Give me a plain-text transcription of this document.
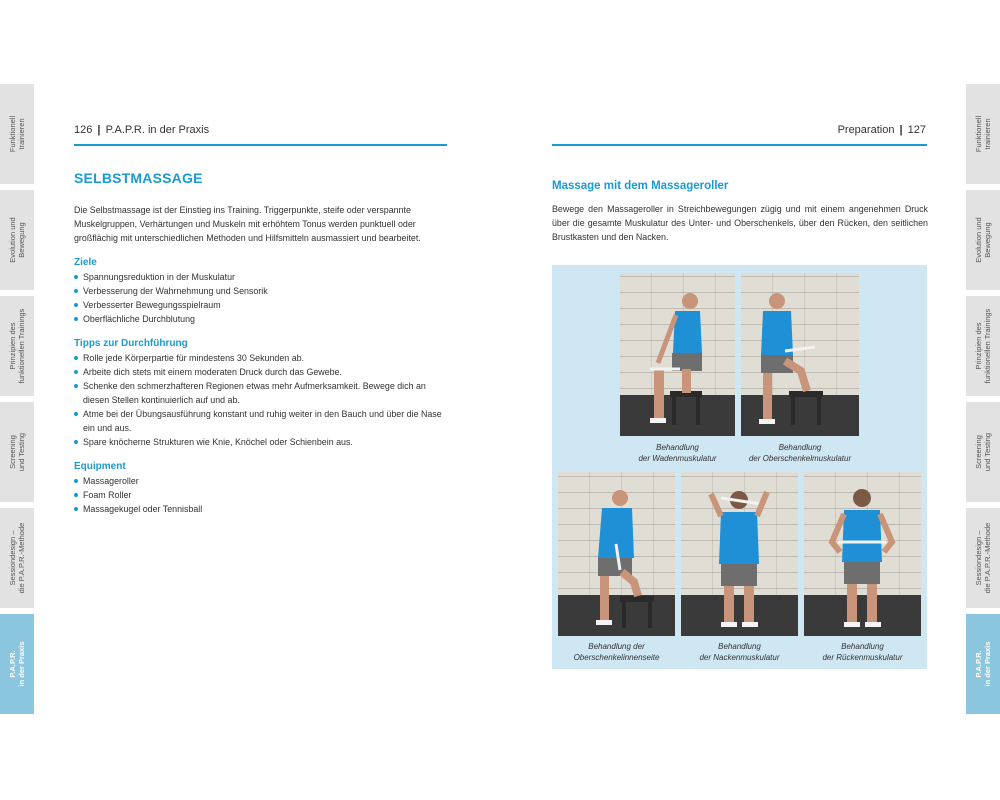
Funktionell
trainieren
Evolution und
Bewegung
Prinzipien des
funktionellen Trainings
Screening
und Testing
Sessiondesign –
die P.A.P.R.-Methode
P.A.P.R.
in der Praxis
Funktionell
trainieren
Evolution und
Bewegung
Prinzipien des
funktionellen Trainings
Screening
und Testing
Sessiondesign –
die P.A.P.R.-Methode
P.A.P.R.
in der Praxis
126 | P.A.P.R. in der Praxis	Preparation | 127
SELBSTMASSAGE

Die Selbstmassage ist der Einstieg ins Training. Triggerpunkte, steife oder verspannte Muskelgruppen, Verhärtungen und Muskeln mit erhöhtem Tonus werden punktuell oder großflächig mit unterschiedlichen Methoden und Hilfsmitteln ausmassiert und bearbeitet.

Ziele
Spannungsreduktion in der Muskulatur
Verbesserung der Wahrnehmung und Sensorik
Verbesserter Bewegungsspielraum
Oberflächliche Durchblutung
Tipps zur Durchführung
Rolle jede Körperpartie für mindestens 30 Sekunden ab.
Arbeite dich stets mit einem moderaten Druck durch das Gewebe.
Schenke den schmerzhafteren Regionen etwas mehr Aufmerksamkeit. Bewege dich an diesen Stellen kontinuierlich auf und ab.
Atme bei der Übungsausführung konstant und ruhig weiter in den Bauch und über die Nase ein und aus.
Spare knöcherne Strukturen wie Knie, Knöchel oder Schienbein aus.
Equipment
Massageroller
Foam Roller
Massagekugel oder Tennisball
Massage mit dem Massageroller

Bewege den Massageroller in Streichbewegungen zügig und mit einem angenehmen Druck über die gesamte Muskulatur des Unter- und Oberschenkels, über den Rücken, den seitlichen Brustkasten und den Nacken.

Behandlung
der Wadenmuskulatur
Behandlung
der Oberschenkelmuskulatur
Behandlung der
Oberschenkelinnenseite
Behandlung
der Nackenmuskulatur
Behandlung
der Rückenmuskulatur
